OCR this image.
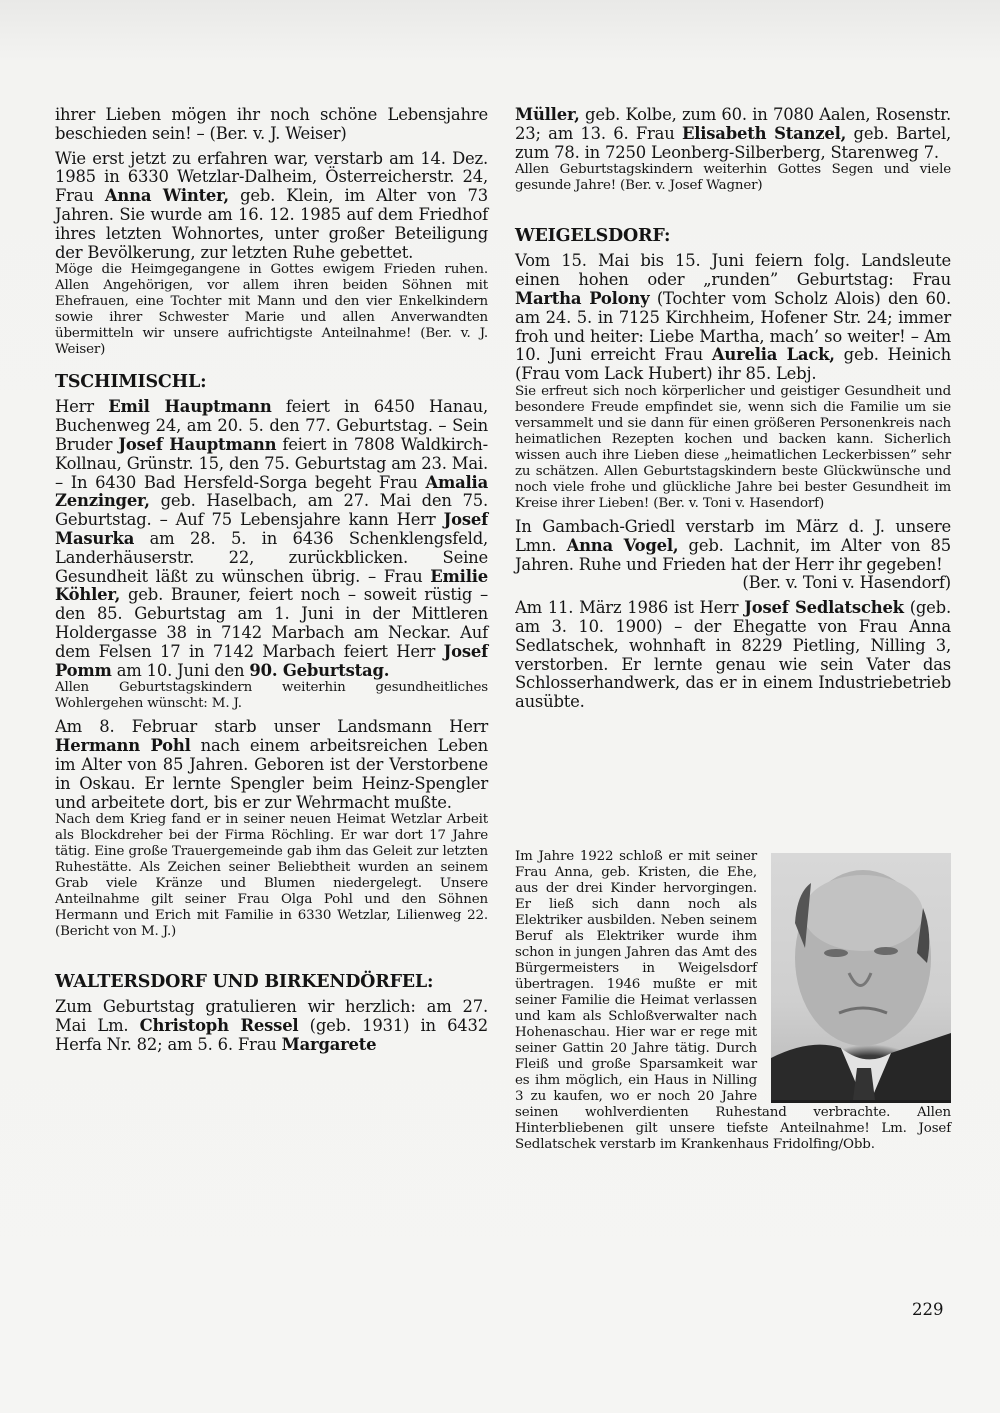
ihrer Lieben mögen ihr noch schöne Lebensjahre beschieden sein! – (Ber. v. J. Weiser)

Wie erst jetzt zu erfahren war, verstarb am 14. Dez. 1985 in 6330 Wetzlar-Dalheim, Österreicherstr. 24, Frau Anna Winter, geb. Klein, im Alter von 73 Jahren. Sie wurde am 16. 12. 1985 auf dem Friedhof ihres letzten Wohnortes, unter großer Beteiligung der Bevölkerung, zur letzten Ruhe gebettet.

Möge die Heimgegangene in Gottes ewigem Frieden ruhen. Allen Angehörigen, vor allem ihren beiden Söhnen mit Ehefrauen, eine Tochter mit Mann und den vier Enkelkindern sowie ihrer Schwester Marie und allen Anverwandten übermitteln wir unsere aufrichtigste Anteilnahme! (Ber. v. J. Weiser)

TSCHIMISCHL:

Herr Emil Hauptmann feiert in 6450 Hanau, Buchenweg 24, am 20. 5. den 77. Geburtstag. – Sein Bruder Josef Hauptmann feiert in 7808 Waldkirch-Kollnau, Grünstr. 15, den 75. Geburtstag am 23. Mai. – In 6430 Bad Hersfeld-Sorga begeht Frau Amalia Zenzinger, geb. Haselbach, am 27. Mai den 75. Geburtstag. – Auf 75 Lebensjahre kann Herr Josef Masurka am 28. 5. in 6436 Schenklengsfeld, Landerhäuserstr. 22, zurückblicken. Seine Gesundheit läßt zu wünschen übrig. – Frau Emilie Köhler, geb. Brauner, feiert noch – soweit rüstig – den 85. Geburtstag am 1. Juni in der Mittleren Holdergasse 38 in 7142 Marbach am Neckar. Auf dem Felsen 17 in 7142 Marbach feiert Herr Josef Pomm am 10. Juni den 90. Geburtstag.

Allen Geburtstagskindern weiterhin gesundheitliches Wohlergehen wünscht: M. J.

Am 8. Februar starb unser Landsmann Herr Hermann Pohl nach einem arbeitsreichen Leben im Alter von 85 Jahren. Geboren ist der Verstorbene in Oskau. Er lernte Spengler beim Heinz-Spengler und arbeitete dort, bis er zur Wehrmacht mußte.

Nach dem Krieg fand er in seiner neuen Heimat Wetzlar Arbeit als Blockdreher bei der Firma Röchling. Er war dort 17 Jahre tätig. Eine große Trauergemeinde gab ihm das Geleit zur letzten Ruhestätte. Als Zeichen seiner Beliebtheit wurden an seinem Grab viele Kränze und Blumen niedergelegt. Unsere Anteilnahme gilt seiner Frau Olga Pohl und den Söhnen Hermann und Erich mit Familie in 6330 Wetzlar, Lilienweg 22. (Bericht von M. J.)

WALTERSDORF UND BIRKENDÖRFEL:

Zum Geburtstag gratulieren wir herzlich: am 27. Mai Lm. Christoph Ressel (geb. 1931) in 6432 Herfa Nr. 82; am 5. 6. Frau Margarete

Müller, geb. Kolbe, zum 60. in 7080 Aalen, Rosenstr. 23; am 13. 6. Frau Elisabeth Stanzel, geb. Bartel, zum 78. in 7250 Leonberg-Silberberg, Starenweg 7.

Allen Geburtstagskindern weiterhin Gottes Segen und viele gesunde Jahre! (Ber. v. Josef Wagner)

WEIGELSDORF:

Vom 15. Mai bis 15. Juni feiern folg. Landsleute einen hohen oder „runden” Geburtstag: Frau Martha Polony (Tochter vom Scholz Alois) den 60. am 24. 5. in 7125 Kirchheim, Hofener Str. 24; immer froh und heiter: Liebe Martha, mach’ so weiter! – Am 10. Juni erreicht Frau Aurelia Lack, geb. Heinich (Frau vom Lack Hubert) ihr 85. Lebj.

Sie erfreut sich noch körperlicher und geistiger Gesundheit und besondere Freude empfindet sie, wenn sich die Familie um sie versammelt und sie dann für einen größeren Personenkreis nach heimatlichen Rezepten kochen und backen kann. Sicherlich wissen auch ihre Lieben diese „heimatlichen Leckerbissen” sehr zu schätzen. Allen Geburtstagskindern beste Glückwünsche und noch viele frohe und glückliche Jahre bei bester Gesundheit im Kreise ihrer Lieben! (Ber. v. Toni v. Hasendorf)

In Gambach-Griedl verstarb im März d. J. unsere Lmn. Anna Vogel, geb. Lachnit, im Alter von 85 Jahren. Ruhe und Frieden hat der Herr ihr gegeben!

(Ber. v. Toni v. Hasendorf)

Am 11. März 1986 ist Herr Josef Sedlatschek (geb. am 3. 10. 1900) – der Ehegatte von Frau Anna Sedlatschek, wohnhaft in 8229 Pietling, Nilling 3, verstorben. Er lernte genau wie sein Vater das Schlosserhandwerk, das er in einem Industriebetrieb ausübte.

Im Jahre 1922 schloß er mit seiner Frau Anna, geb. Kristen, die Ehe, aus der drei Kinder hervorgingen. Er ließ sich dann noch als Elektriker ausbilden. Neben seinem Beruf als Elektriker wurde ihm schon in jungen Jahren das Amt des Bürgermeisters in Weigelsdorf übertragen. 1946 mußte er mit seiner Familie die Heimat verlassen und kam als Schloßverwalter nach Hohenaschau. Hier war er rege mit seiner Gattin 20 Jahre tätig. Durch Fleiß und große Sparsamkeit war es ihm möglich, ein Haus in Nilling 3 zu kaufen, wo er noch 20 Jahre seinen wohlverdienten Ruhestand verbrachte. Allen Hinterbliebenen gilt unsere tiefste Anteilnahme! Lm. Josef Sedlatschek verstarb im Krankenhaus Fridolfing/Obb.

229
